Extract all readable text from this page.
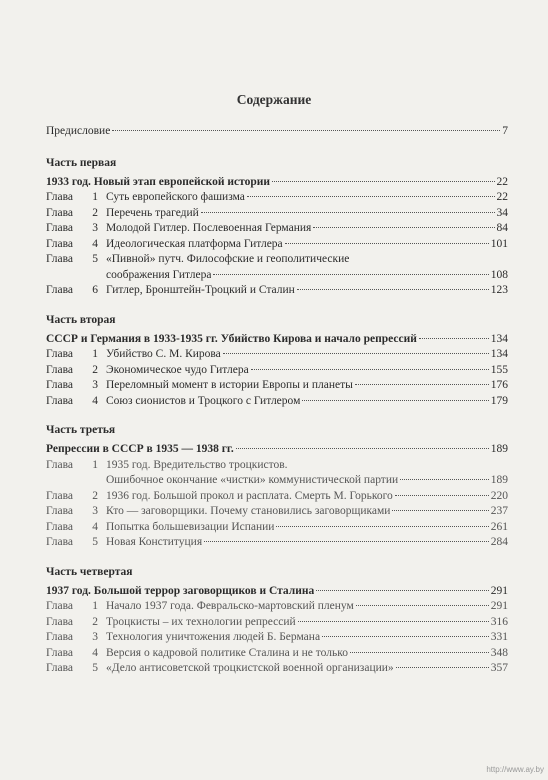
Содержание
Предисловие	7
Часть первая
1933 год. Новый этап европейской истории	22
Глава	1 Суть европейского фашизма	22
Глава	2 Перечень трагедий	34
Глава	3 Молодой Гитлер. Послевоенная Германия	84
Глава	4 Идеологическая платформа Гитлера	101
Глава	5 «Пивной» путч. Философские и геополитические
соображения Гитлера	108
Глава	6 Гитлер, Бронштейн-Троцкий и Сталин	123
Часть вторая
СССР и Германия в 1933-1935 гг. Убийство Кирова и начало репрессий	134
Глава	1 Убийство С. М. Кирова	134
Глава	2 Экономическое чудо Гитлера	155
Глава	3 Переломный момент в истории Европы и планеты	176
Глава	4 Союз сионистов и Троцкого с Гитлером	179
Часть третья
Репрессии в СССР в 1935 — 1938 гг.	189
Глава	1 1935 год. Вредительство троцкистов.
Ошибочное окончание «чистки» коммунистической партии	189
Глава	2 1936 год. Большой прокол и расплата. Смерть М. Горького	220
Глава	3 Кто — заговорщики. Почему становились заговорщиками	237
Глава	4 Попытка большевизации Испании	261
Глава	5 Новая Конституция	284
Часть четвертая
1937 год. Большой террор заговорщиков и Сталина	291
Глава	1 Начало 1937 года. Февральско-мартовский пленум	291
Глава	2 Троцкисты – их технологии репрессий	316
Глава	3 Технология уничтожения людей Б. Бермана	331
Глава	4 Версия о кадровой политике Сталина и не только	348
Глава	5 «Дело антисоветской троцкистской военной организации»	357
http://www.ay.by
